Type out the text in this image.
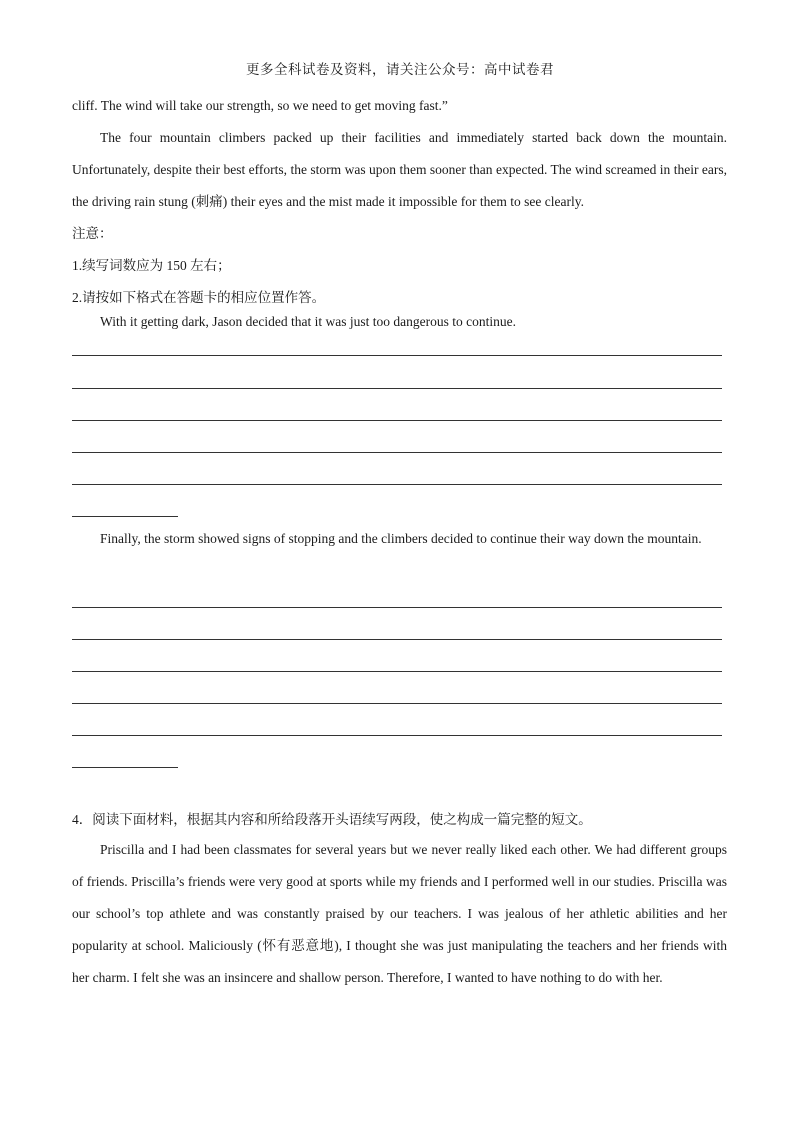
更多全科试卷及资料，请关注公众号：高中试卷君

cliff. The wind will take our strength, so we need to get moving fast.”

The four mountain climbers packed up their facilities and immediately started back down the mountain. Unfortunately, despite their best efforts, the storm was upon them sooner than expected. The wind screamed in their ears, the driving rain stung (刺痛) their eyes and the mist made it impossible for them to see clearly.

注意：

1.续写词数应为 150 左右；

2.请按如下格式在答题卡的相应位置作答。

With it getting dark, Jason decided that it was just too dangerous to continue.

Finally, the storm showed signs of stopping and the climbers decided to continue their way down the mountain.

4．阅读下面材料，根据其内容和所给段落开头语续写两段，使之构成一篇完整的短文。

Priscilla and I had been classmates for several years but we never really liked each other. We had different groups of friends. Priscilla’s friends were very good at sports while my friends and I performed well in our studies. Priscilla was our school’s top athlete and was constantly praised by our teachers. I was jealous of her athletic abilities and her popularity at school. Maliciously (怀有恶意地), I thought she was just manipulating the teachers and her friends with her charm. I felt she was an insincere and shallow person. Therefore, I wanted to have nothing to do with her.
